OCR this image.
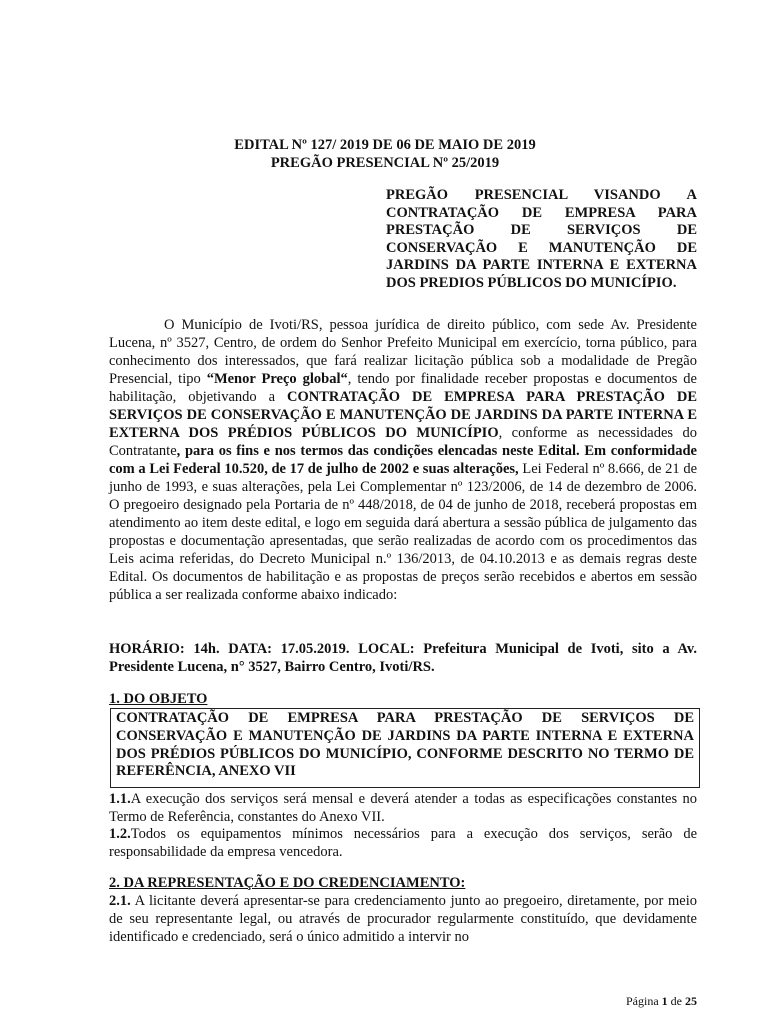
EDITAL Nº 127/ 2019 DE 06 DE MAIO DE 2019
PREGÃO PRESENCIAL Nº 25/2019
PREGÃO PRESENCIAL VISANDO A CONTRATAÇÃO DE EMPRESA PARA PRESTAÇÃO DE SERVIÇOS DE CONSERVAÇÃO E MANUTENÇÃO DE JARDINS DA PARTE INTERNA E EXTERNA DOS PREDIOS PÚBLICOS DO MUNICÍPIO.
O Município de Ivoti/RS, pessoa jurídica de direito público, com sede Av. Presidente Lucena, nº 3527, Centro, de ordem do Senhor Prefeito Municipal em exercício, torna público, para conhecimento dos interessados, que fará realizar licitação pública sob a modalidade de Pregão Presencial, tipo “Menor Preço global“, tendo por finalidade receber propostas e documentos de habilitação, objetivando a CONTRATAÇÃO DE EMPRESA PARA PRESTAÇÃO DE SERVIÇOS DE CONSERVAÇÃO E MANUTENÇÃO DE JARDINS DA PARTE INTERNA E EXTERNA DOS PRÉDIOS PÚBLICOS DO MUNICÍPIO, conforme as necessidades do Contratante, para os fins e nos termos das condições elencadas neste Edital. Em conformidade com a Lei Federal 10.520, de 17 de julho de 2002 e suas alterações, Lei Federal nº 8.666, de 21 de junho de 1993, e suas alterações, pela Lei Complementar nº 123/2006, de 14 de dezembro de 2006. O pregoeiro designado pela Portaria de nº 448/2018, de 04 de junho de 2018, receberá propostas em atendimento ao item deste edital, e logo em seguida dará abertura a sessão pública de julgamento das propostas e documentação apresentadas, que serão realizadas de acordo com os procedimentos das Leis acima referidas, do Decreto Municipal n.º 136/2013, de 04.10.2013 e as demais regras deste Edital. Os documentos de habilitação e as propostas de preços serão recebidos e abertos em sessão pública a ser realizada conforme abaixo indicado:
HORÁRIO: 14h. DATA: 17.05.2019. LOCAL: Prefeitura Municipal de Ivoti, sito a Av. Presidente Lucena, n° 3527, Bairro Centro, Ivoti/RS.
1. DO OBJETO
CONTRATAÇÃO DE EMPRESA PARA PRESTAÇÃO DE SERVIÇOS DE CONSERVAÇÃO E MANUTENÇÃO DE JARDINS DA PARTE INTERNA E EXTERNA DOS PRÉDIOS PÚBLICOS DO MUNICÍPIO, CONFORME DESCRITO NO TERMO DE REFERÊNCIA, ANEXO VII
1.1.A execução dos serviços será mensal e deverá atender a todas as especificações constantes no Termo de Referência, constantes do Anexo VII.
1.2.Todos os equipamentos mínimos necessários para a execução dos serviços, serão de responsabilidade da empresa vencedora.
2. DA REPRESENTAÇÃO E DO CREDENCIAMENTO:
2.1. A licitante deverá apresentar-se para credenciamento junto ao pregoeiro, diretamente, por meio de seu representante legal, ou através de procurador regularmente constituído, que devidamente identificado e credenciado, será o único admitido a intervir no
Página 1 de 25
